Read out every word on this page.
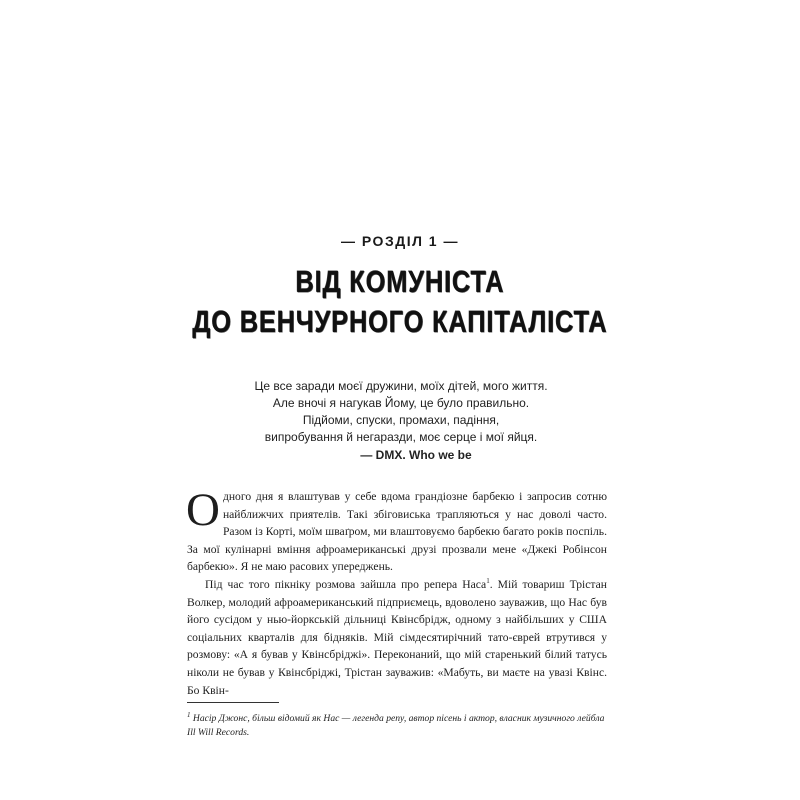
— РОЗДІЛ 1 —
ВІД КОМУНІСТА
ДО ВЕНЧУРНОГО КАПІТАЛІСТА
Це все заради моєї дружини, моїх дітей, мого життя.
Але вночі я нагукав Йому, це було правильно.
Підйоми, спуски, промахи, падіння,
випробування й негаразди, моє серце і мої яйця.
— DMX. Who we be

Одного дня я влаштував у себе вдома грандіозне барбекю і запросив сотню найближчих приятелів. Такі збіговиська трапляються у нас доволі часто. Разом із Корті, моїм шваґром, ми влаштовуємо барбекю багато років поспіль. За мої кулінарні вміння афроамериканські друзі прозвали мене «Джекі Робінсон барбекю». Я не маю расових упереджень.

Під час того пікніку розмова зайшла про репера Наса$^1$. Мій товариш Трістан Волкер, молодий афроамериканський підприємець, вдоволено зауважив, що Нас був його сусідом у нью-йоркській дільниці Квінсбрідж, одному з найбільших у США соціальних кварталів для бідняків. Мій сімдесятирічний тато-єврей втрутився у розмову: «А я бував у Квінсбріджі». Переконаний, що мій старенький білий татусь ніколи не бував у Квінсбріджі, Трістан зауважив: «Мабуть, ви маєте на увазі Квінс. Бо Квін-

$^1$ Насір Джонс, більш відомий як Нас — легенда репу, автор пісень і актор, власник музичного лейбла Ill Will Records.
